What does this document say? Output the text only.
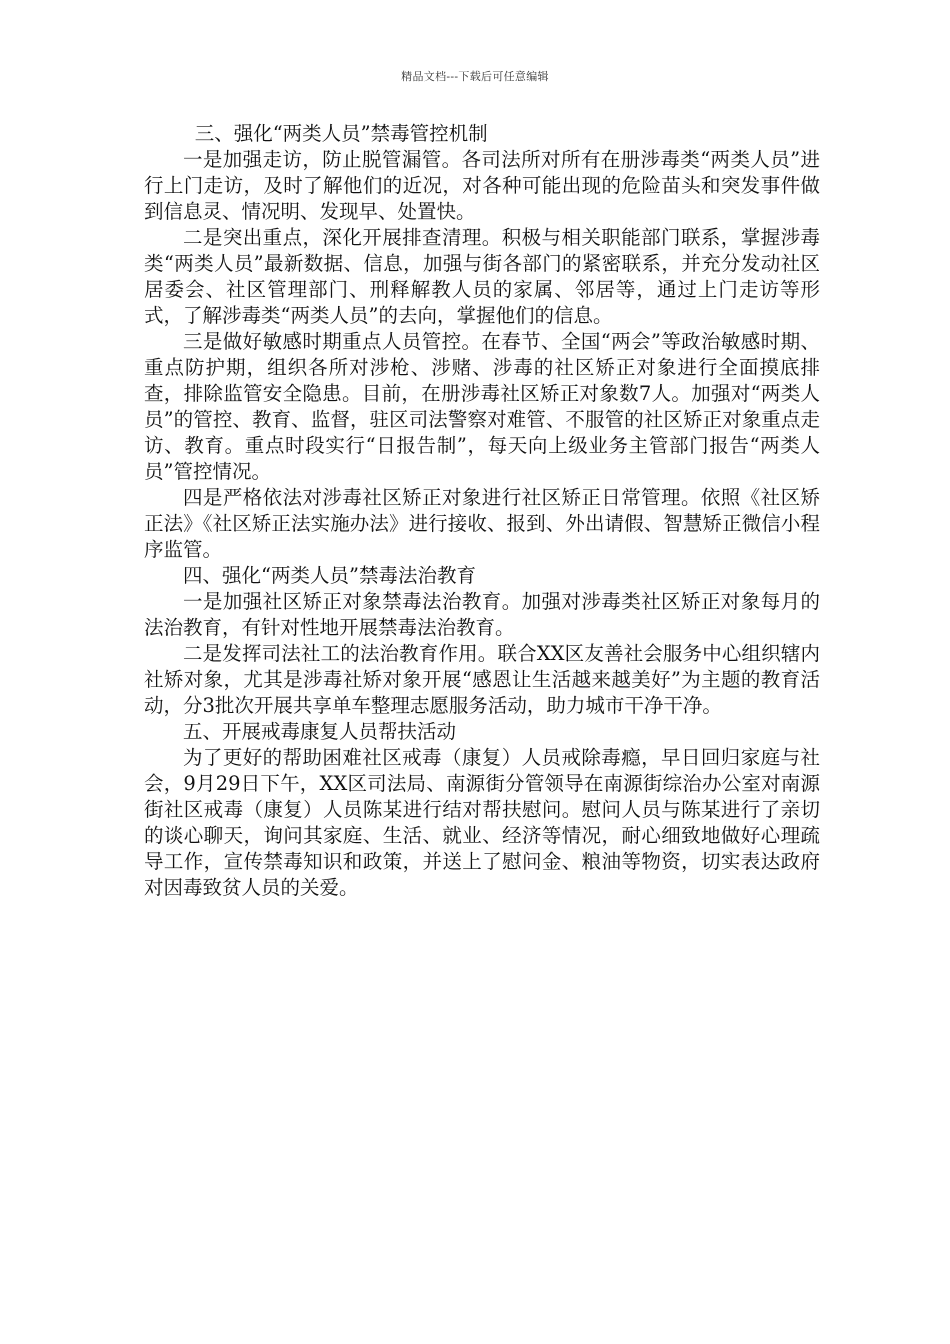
精品文档---下载后可任意编辑

三、强化“两类人员”禁毒管控机制

一是加强走访，防止脱管漏管。各司法所对所有在册涉毒类“两类人员”进行上门走访，及时了解他们的近况，对各种可能出现的危险苗头和突发事件做到信息灵、情况明、发现早、处置快。

二是突出重点，深化开展排查清理。积极与相关职能部门联系，掌握涉毒类“两类人员”最新数据、信息，加强与街各部门的紧密联系，并充分发动社区居委会、社区管理部门、刑释解教人员的家属、邻居等，通过上门走访等形式，了解涉毒类“两类人员”的去向，掌握他们的信息。

三是做好敏感时期重点人员管控。在春节、全国“两会”等政治敏感时期、重点防护期，组织各所对涉枪、涉赌、涉毒的社区矫正对象进行全面摸底排查，排除监管安全隐患。目前，在册涉毒社区矫正对象数7人。加强对“两类人员”的管控、教育、监督，驻区司法警察对难管、不服管的社区矫正对象重点走访、教育。重点时段实行“日报告制”，每天向上级业务主管部门报告“两类人员”管控情况。

四是严格依法对涉毒社区矫正对象进行社区矫正日常管理。依照《社区矫正法》《社区矫正法实施办法》进行接收、报到、外出请假、智慧矫正微信小程序监管。

四、强化“两类人员”禁毒法治教育

一是加强社区矫正对象禁毒法治教育。加强对涉毒类社区矫正对象每月的法治教育，有针对性地开展禁毒法治教育。

二是发挥司法社工的法治教育作用。联合XX区友善社会服务中心组织辖内社矫对象，尤其是涉毒社矫对象开展“感恩让生活越来越美好”为主题的教育活动，分3批次开展共享单车整理志愿服务活动，助力城市干净干净。

五、开展戒毒康复人员帮扶活动

为了更好的帮助困难社区戒毒（康复）人员戒除毒瘾，早日回归家庭与社会，9月29日下午，XX区司法局、南源街分管领导在南源街综治办公室对南源街社区戒毒（康复）人员陈某进行结对帮扶慰问。慰问人员与陈某进行了亲切的谈心聊天，询问其家庭、生活、就业、经济等情况，耐心细致地做好心理疏导工作，宣传禁毒知识和政策，并送上了慰问金、粮油等物资，切实表达政府对因毒致贫人员的关爱。
